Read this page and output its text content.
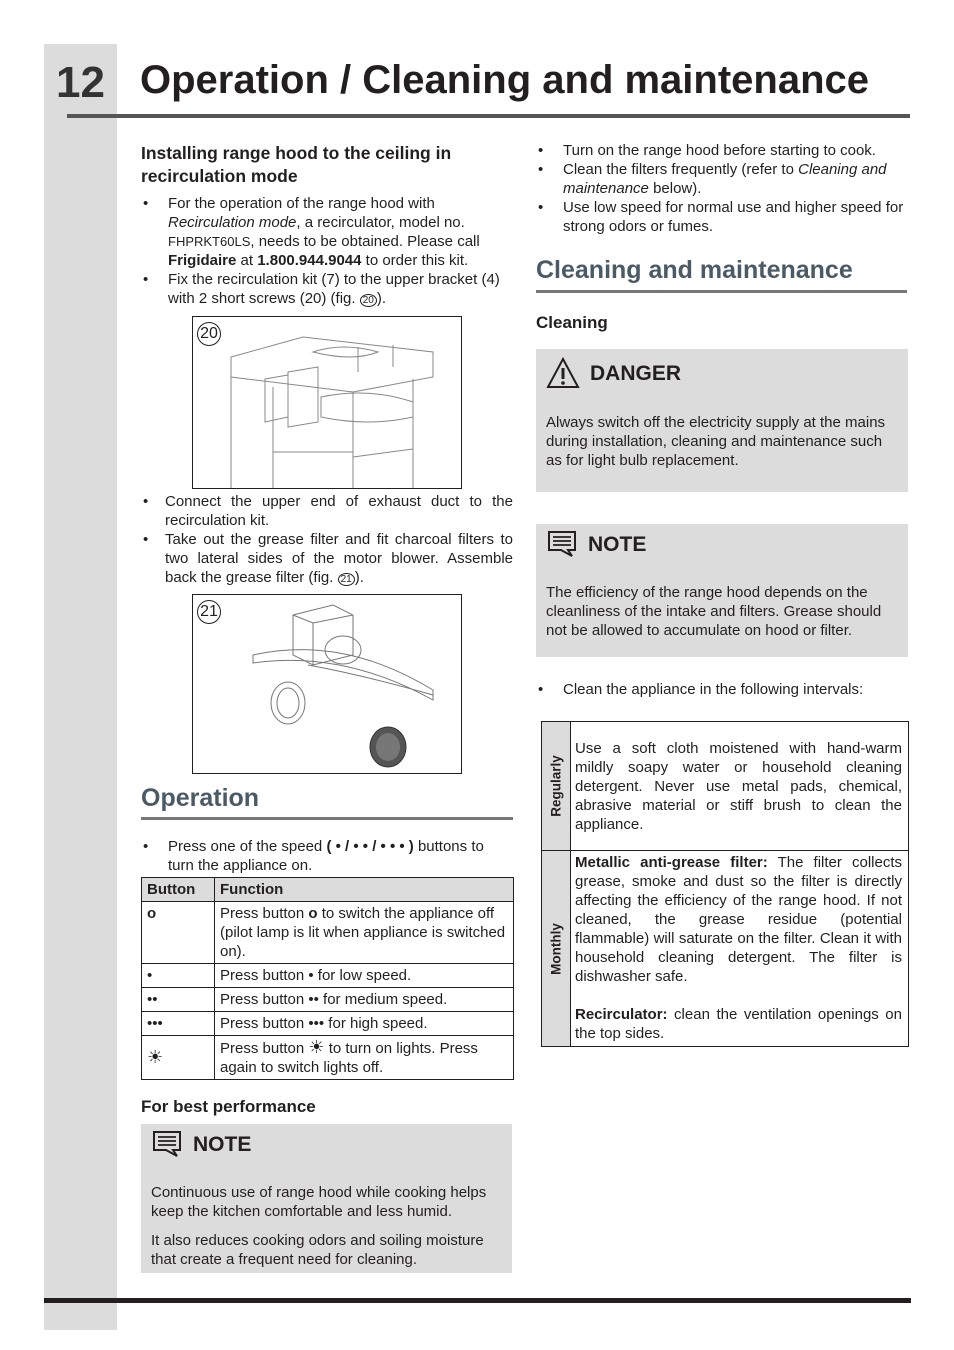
12 Operation / Cleaning and maintenance

Installing range hood to the ceiling in recirculation mode

• For the operation of the range hood with Recirculation mode, a recirculator, model no. FHPRKT60LS, needs to be obtained. Please call Frigidaire at 1.800.944.9044 to order this kit.
• Fix the recirculation kit (7) to the upper bracket (4) with 2 short screws (20) (fig. 20 ).
20
• Connect the upper end of exhaust duct to the recirculation kit.
• Take out the grease filter and fit charcoal filters to two lateral sides of the motor blower. Assemble back the grease filter (fig. 21 ).
21

Operation

• Press one of the speed ( • / • • / • • • ) buttons to turn the appliance on.
Button	Function
o	Press button o to switch the appliance off (pilot lamp is lit when appliance is switched on).
•	Press button • for low speed.
••	Press button •• for medium speed.
•••	Press button ••• for high speed.
☀	Press button ☀ to turn on lights. Press again to switch lights off.

For best performance

NOTE

Continuous use of range hood while cooking helps keep the kitchen comfortable and less humid.

It also reduces cooking odors and soiling moisture that create a frequent need for cleaning.

• Turn on the range hood before starting to cook.
• Clean the filters frequently (refer to Cleaning and maintenance below).
• Use low speed for normal use and higher speed for strong odors or fumes.

Cleaning and maintenance

Cleaning

DANGER
Always switch off the electricity supply at the mains during installation, cleaning and maintenance such as for light bulb replacement.
NOTE
The efficiency of the range hood depends on the cleanliness of the intake and filters. Grease should not be allowed to accumulate on hood or filter.
• Clean the appliance in the following intervals:
Regularly	Use a soft cloth moistened with hand-warm mildly soapy water or household cleaning detergent. Never use metal pads, chemical, abrasive material or stiff brush to clean the appliance.

Monthly	Metallic anti-grease filter: The filter collects grease, smoke and dust so the filter is directly affecting the efficiency of the range hood. If not cleaned, the grease residue (potential flammable) will saturate on the filter. Clean it with household cleaning detergent. The filter is dishwasher safe.

Recirculator: clean the ventilation openings on the top sides.
